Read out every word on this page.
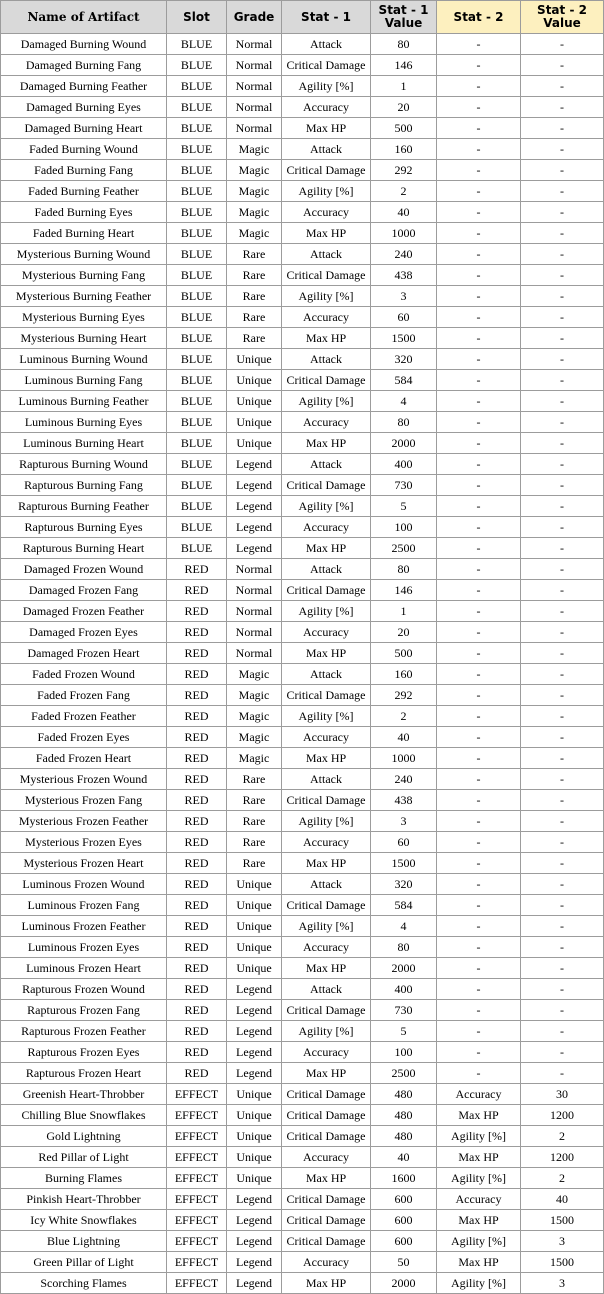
Name of Artifact	Slot	Grade	Stat - 1	Stat - 1 Value	Stat - 2	Stat - 2 Value
Damaged Burning Wound	BLUE	Normal	Attack	80	-	-
Damaged Burning Fang	BLUE	Normal	Critical Damage	146	-	-
Damaged Burning Feather	BLUE	Normal	Agility [%]	1	-	-
Damaged Burning Eyes	BLUE	Normal	Accuracy	20	-	-
Damaged Burning Heart	BLUE	Normal	Max HP	500	-	-
Faded Burning Wound	BLUE	Magic	Attack	160	-	-
Faded Burning Fang	BLUE	Magic	Critical Damage	292	-	-
Faded Burning Feather	BLUE	Magic	Agility [%]	2	-	-
Faded Burning Eyes	BLUE	Magic	Accuracy	40	-	-
Faded Burning Heart	BLUE	Magic	Max HP	1000	-	-
Mysterious Burning Wound	BLUE	Rare	Attack	240	-	-
Mysterious Burning Fang	BLUE	Rare	Critical Damage	438	-	-
Mysterious Burning Feather	BLUE	Rare	Agility [%]	3	-	-
Mysterious Burning Eyes	BLUE	Rare	Accuracy	60	-	-
Mysterious Burning Heart	BLUE	Rare	Max HP	1500	-	-
Luminous Burning Wound	BLUE	Unique	Attack	320	-	-
Luminous Burning Fang	BLUE	Unique	Critical Damage	584	-	-
Luminous Burning Feather	BLUE	Unique	Agility [%]	4	-	-
Luminous Burning Eyes	BLUE	Unique	Accuracy	80	-	-
Luminous Burning Heart	BLUE	Unique	Max HP	2000	-	-
Rapturous Burning Wound	BLUE	Legend	Attack	400	-	-
Rapturous Burning Fang	BLUE	Legend	Critical Damage	730	-	-
Rapturous Burning Feather	BLUE	Legend	Agility [%]	5	-	-
Rapturous Burning Eyes	BLUE	Legend	Accuracy	100	-	-
Rapturous Burning Heart	BLUE	Legend	Max HP	2500	-	-
Damaged Frozen Wound	RED	Normal	Attack	80	-	-
Damaged Frozen Fang	RED	Normal	Critical Damage	146	-	-
Damaged Frozen Feather	RED	Normal	Agility [%]	1	-	-
Damaged Frozen Eyes	RED	Normal	Accuracy	20	-	-
Damaged Frozen Heart	RED	Normal	Max HP	500	-	-
Faded Frozen Wound	RED	Magic	Attack	160	-	-
Faded Frozen Fang	RED	Magic	Critical Damage	292	-	-
Faded Frozen Feather	RED	Magic	Agility [%]	2	-	-
Faded Frozen Eyes	RED	Magic	Accuracy	40	-	-
Faded Frozen Heart	RED	Magic	Max HP	1000	-	-
Mysterious Frozen Wound	RED	Rare	Attack	240	-	-
Mysterious Frozen Fang	RED	Rare	Critical Damage	438	-	-
Mysterious Frozen Feather	RED	Rare	Agility [%]	3	-	-
Mysterious Frozen Eyes	RED	Rare	Accuracy	60	-	-
Mysterious Frozen Heart	RED	Rare	Max HP	1500	-	-
Luminous Frozen Wound	RED	Unique	Attack	320	-	-
Luminous Frozen Fang	RED	Unique	Critical Damage	584	-	-
Luminous Frozen Feather	RED	Unique	Agility [%]	4	-	-
Luminous Frozen Eyes	RED	Unique	Accuracy	80	-	-
Luminous Frozen Heart	RED	Unique	Max HP	2000	-	-
Rapturous Frozen Wound	RED	Legend	Attack	400	-	-
Rapturous Frozen Fang	RED	Legend	Critical Damage	730	-	-
Rapturous Frozen Feather	RED	Legend	Agility [%]	5	-	-
Rapturous Frozen Eyes	RED	Legend	Accuracy	100	-	-
Rapturous Frozen Heart	RED	Legend	Max HP	2500	-	-
Greenish Heart-Throbber	EFFECT	Unique	Critical Damage	480	Accuracy	30
Chilling Blue Snowflakes	EFFECT	Unique	Critical Damage	480	Max HP	1200
Gold Lightning	EFFECT	Unique	Critical Damage	480	Agility [%]	2
Red Pillar of Light	EFFECT	Unique	Accuracy	40	Max HP	1200
Burning Flames	EFFECT	Unique	Max HP	1600	Agility [%]	2
Pinkish Heart-Throbber	EFFECT	Legend	Critical Damage	600	Accuracy	40
Icy White Snowflakes	EFFECT	Legend	Critical Damage	600	Max HP	1500
Blue Lightning	EFFECT	Legend	Critical Damage	600	Agility [%]	3
Green Pillar of Light	EFFECT	Legend	Accuracy	50	Max HP	1500
Scorching Flames	EFFECT	Legend	Max HP	2000	Agility [%]	3
